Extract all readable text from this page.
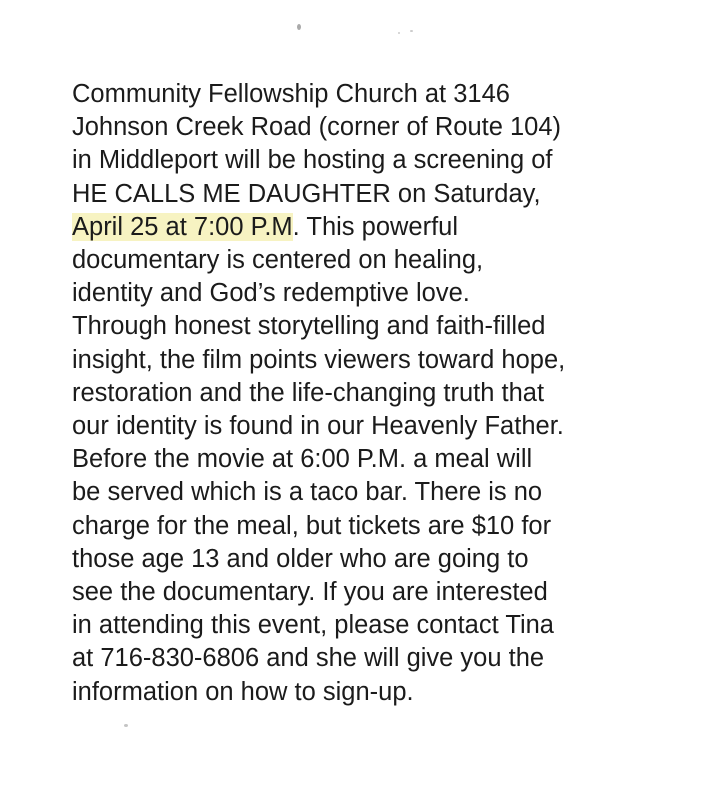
Community Fellowship Church at 3146
Johnson Creek Road (corner of Route 104)
in Middleport will be hosting a screening of
HE CALLS ME DAUGHTER on Saturday,
April 25 at 7:00 P.M. This powerful
documentary is centered on healing,
identity and God’s redemptive love.
Through honest storytelling and faith-filled
insight, the film points viewers toward hope,
restoration and the life-changing truth that
our identity is found in our Heavenly Father.
Before the movie at 6:00 P.M. a meal will
be served which is a taco bar. There is no
charge for the meal, but tickets are $10 for
those age 13 and older who are going to
see the documentary. If you are interested
in attending this event, please contact Tina
at 716-830-6806 and she will give you the
information on how to sign-up.
